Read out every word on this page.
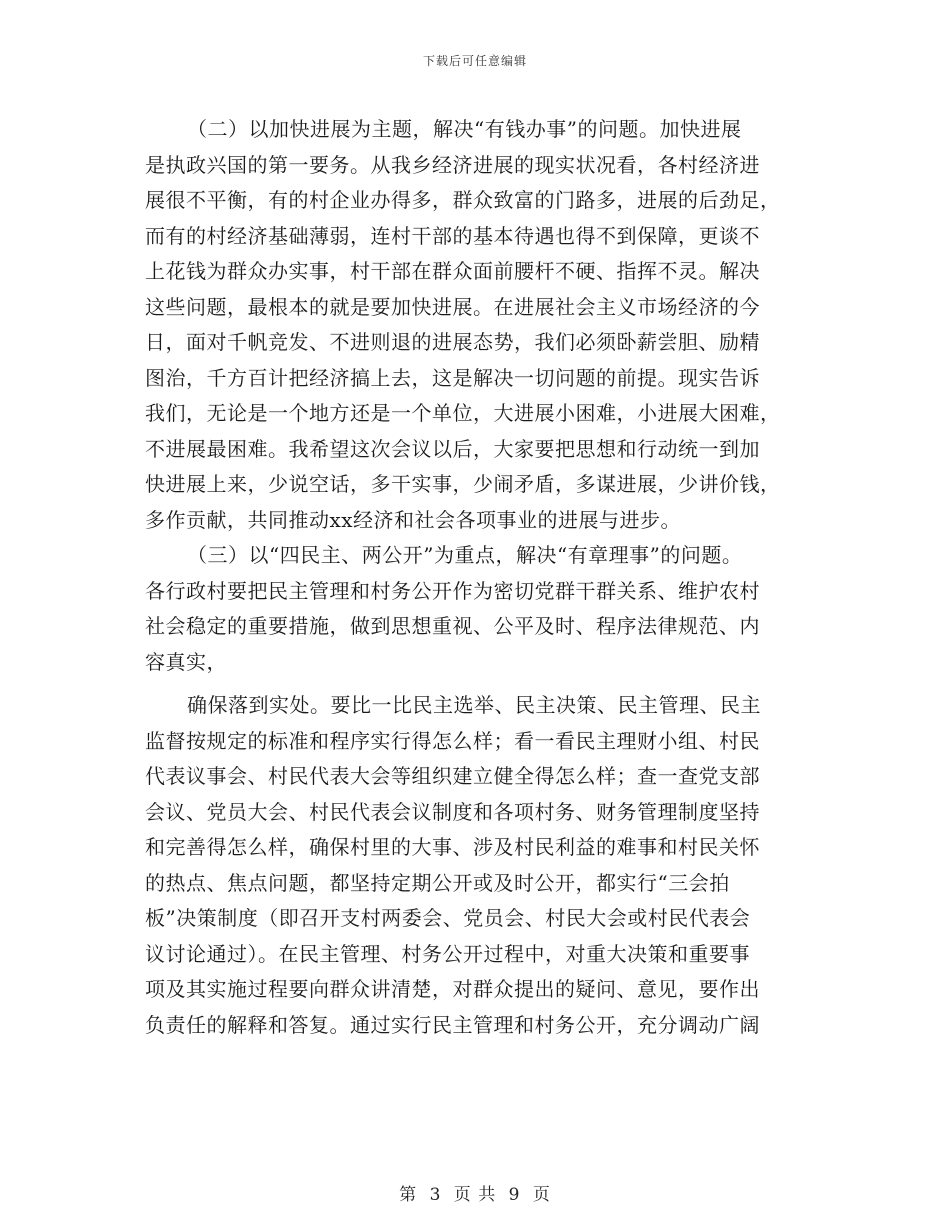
下载后可任意编辑
（二）以加快进展为主题，解决“有钱办事”的问题。加快进展
是执政兴国的第一要务。从我乡经济进展的现实状况看，各村经济进
展很不平衡，有的村企业办得多，群众致富的门路多，进展的后劲足，
而有的村经济基础薄弱，连村干部的基本待遇也得不到保障，更谈不
上花钱为群众办实事，村干部在群众面前腰杆不硬、指挥不灵。解决
这些问题，最根本的就是要加快进展。在进展社会主义市场经济的今
日，面对千帆竞发、不进则退的进展态势，我们必须卧薪尝胆、励精
图治，千方百计把经济搞上去，这是解决一切问题的前提。现实告诉
我们，无论是一个地方还是一个单位，大进展小困难，小进展大困难，
不进展最困难。我希望这次会议以后，大家要把思想和行动统一到加
快进展上来，少说空话，多干实事，少闹矛盾，多谋进展，少讲价钱，
多作贡献，共同推动xx经济和社会各项事业的进展与进步。
（三）以“四民主、两公开”为重点，解决“有章理事”的问题。
各行政村要把民主管理和村务公开作为密切党群干群关系、维护农村
社会稳定的重要措施，做到思想重视、公平及时、程序法律规范、内
容真实，
确保落到实处。要比一比民主选举、民主决策、民主管理、民主
监督按规定的标准和程序实行得怎么样；看一看民主理财小组、村民
代表议事会、村民代表大会等组织建立健全得怎么样；查一查党支部
会议、党员大会、村民代表会议制度和各项村务、财务管理制度坚持
和完善得怎么样，确保村里的大事、涉及村民利益的难事和村民关怀
的热点、焦点问题，都坚持定期公开或及时公开，都实行“三会拍
板”决策制度（即召开支村两委会、党员会、村民大会或村民代表会
议讨论通过）。在民主管理、村务公开过程中，对重大决策和重要事
项及其实施过程要向群众讲清楚，对群众提出的疑问、意见，要作出
负责任的解释和答复。通过实行民主管理和村务公开，充分调动广阔
第 3 页 共 9 页
